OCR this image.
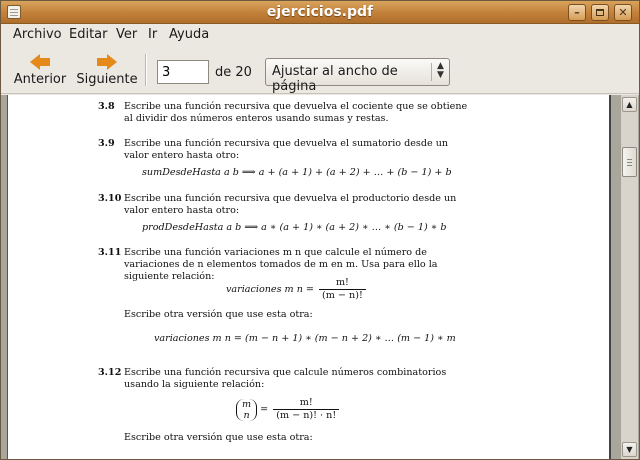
ejercicios.pdf	–	✕
Archivo Editar Ver Ir Ayuda
Anterior Siguiente
3	de 20	Ajustar al ancho de página
▲
▼
3.8 Escribe una función recursiva que devuelva el cociente que se obtiene al dividir dos números enteros usando sumas y restas.
3.9 Escribe una función recursiva que devuelva el sumatorio desde un valor entero hasta otro:
sumDesdeHasta a b ⟹ a + (a + 1) + (a + 2) + … + (b − 1) + b
3.10 Escribe una función recursiva que devuelva el productorio desde un valor entero hasta otro:
prodDesdeHasta a b ⟹ a ∗ (a + 1) ∗ (a + 2) ∗ … ∗ (b − 1) ∗ b
3.11 Escribe una función variaciones m n que calcule el número de variaciones de n elementos tomados de m en m. Usa para ello la siguiente relación:
variaciones m $n = \frac{m!}{(m - n)!}$
Escribe otra versión que use esta otra:
variaciones m n = (m − n + 1) ∗ (m − n + 2) ∗ … (m − 1) ∗ m
3.12 Escribe una función recursiva que calcule números combinatorios usando la siguiente relación:
m
$n = \frac{m!}{(m - n)! \cdot n!}$
Escribe otra versión que use esta otra:
▲
▼
